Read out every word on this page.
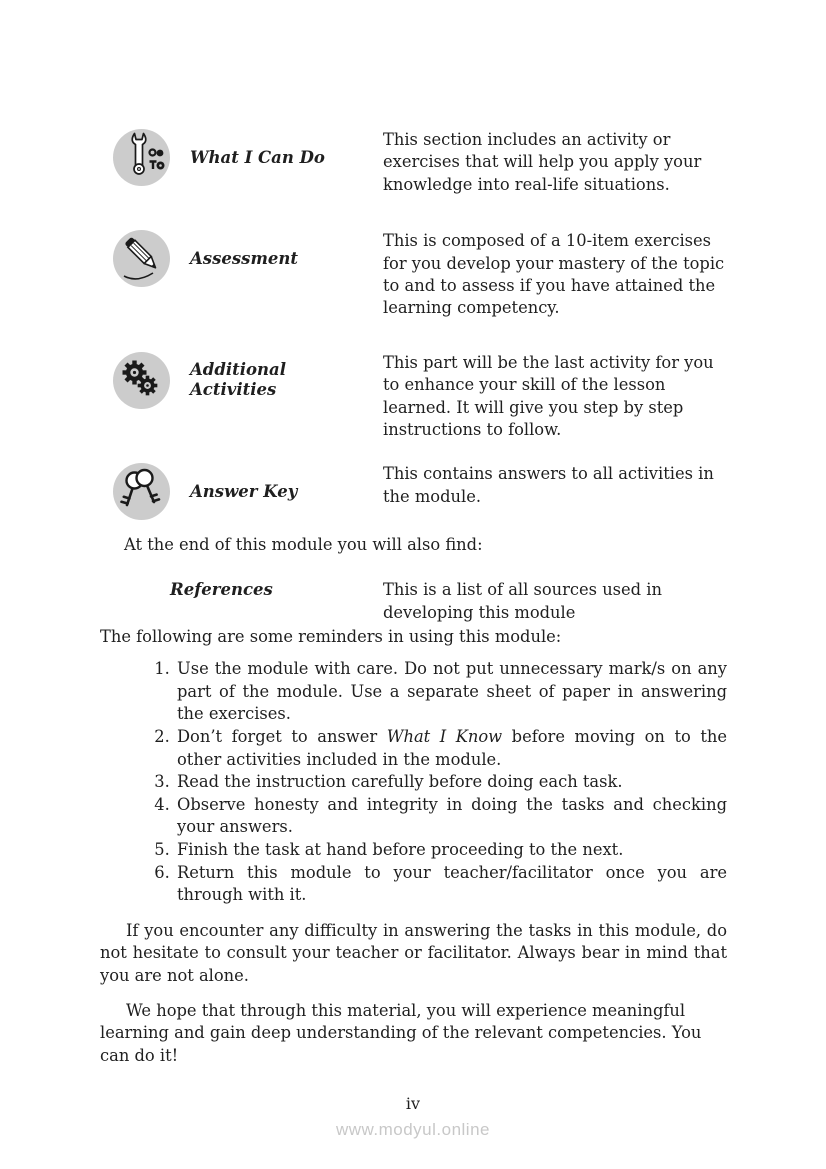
What I Can Do
This section includes an activity or exercises that will help you apply your knowledge into real-life situations.
Assessment
This is composed of a 10-item exercises for you develop your mastery of the topic to and to assess if you have attained the learning competency.
Additional Activities
This part will be the last activity for you to enhance your skill of the lesson learned. It will give you step by step instructions to follow.
Answer Key
This contains answers to all activities in the module.
At the end of this module you will also find:
References	This is a list of all sources used in developing this module
The following are some reminders in using this module:
1. Use the module with care. Do not put unnecessary mark/s on any part of the module. Use a separate sheet of paper in answering the exercises.
2. Don’t forget to answer What I Know before moving on to the other activities included in the module.
3. Read the instruction carefully before doing each task.
4. Observe honesty and integrity in doing the tasks and checking your answers.
5. Finish the task at hand before proceeding to the next.
6. Return this module to your teacher/facilitator once you are through with it.

If you encounter any difficulty in answering the tasks in this module, do not hesitate to consult your teacher or facilitator. Always bear in mind that you are not alone.

We hope that through this material, you will experience meaningful learning and gain deep understanding of the relevant competencies. You can do it!

iv
www.modyul.online
